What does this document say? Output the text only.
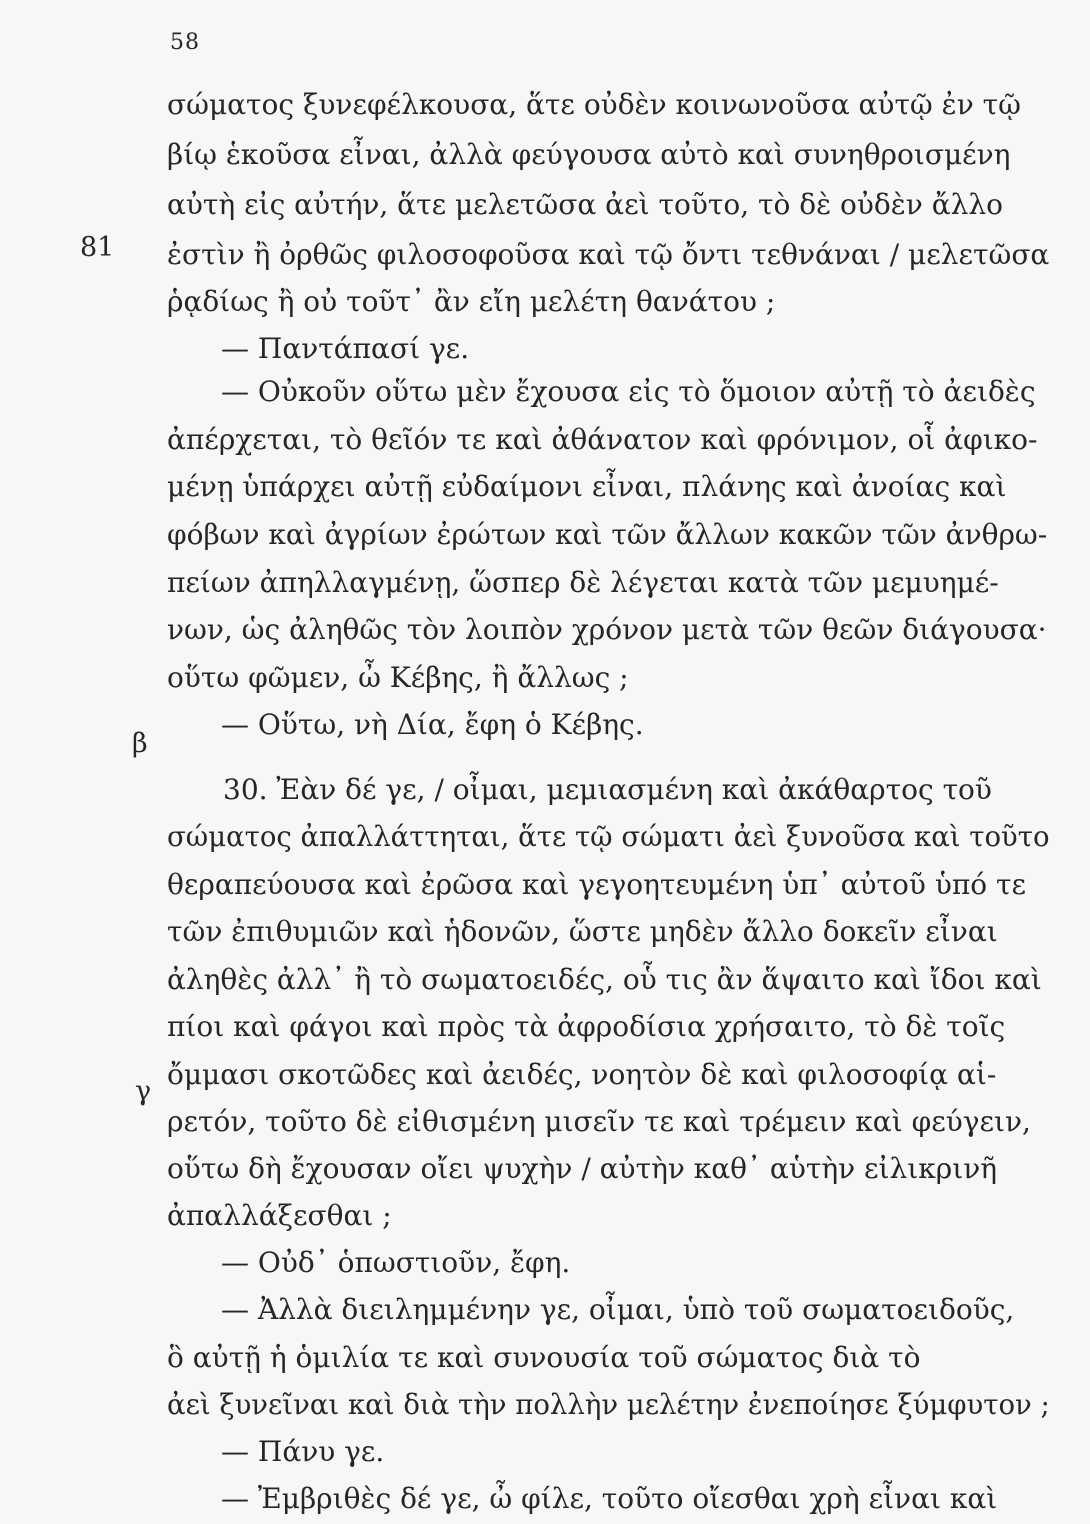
58
81
β
γ
σώματος ξυνεφέλκουσα, ἅτε οὐδὲν κοινωνοῦσα αὐτῷ ἐν τῷ
βίῳ ἑκοῦσα εἶναι, ἀλλὰ φεύγουσα αὐτὸ καὶ συνηθροισμένη
αὐτὴ εἰς αὐτήν, ἅτε μελετῶσα ἀεὶ τοῦτο, τὸ δὲ οὐδὲν ἄλλο
ἐστὶν ἢ ὀρθῶς φιλοσοφοῦσα καὶ τῷ ὄντι τεθνάναι / μελετῶσα
ῥᾳδίως ἢ οὐ τοῦτ᾽ ἂν εἴη μελέτη θανάτου ;
— Παντάπασί γε.
— Οὐκοῦν οὕτω μὲν ἔχουσα εἰς τὸ ὅμοιον αὐτῇ τὸ ἀειδὲς
ἀπέρχεται, τὸ θεῖόν τε καὶ ἀθάνατον καὶ φρόνιμον, οἷ ἀφικο-
μένῃ ὑπάρχει αὐτῇ εὐδαίμονι εἶναι, πλάνης καὶ ἀνοίας καὶ
φόβων καὶ ἀγρίων ἐρώτων καὶ τῶν ἄλλων κακῶν τῶν ἀνθρω-
πείων ἀπηλλαγμένῃ, ὥσπερ δὲ λέγεται κατὰ τῶν μεμυημέ-
νων, ὡς ἀληθῶς τὸν λοιπὸν χρόνον μετὰ τῶν θεῶν διάγουσα·
οὕτω φῶμεν, ὦ Κέβης, ἢ ἄλλως ;
— Οὕτω, νὴ Δία, ἔφη ὁ Κέβης.
30. Ἐὰν δέ γε, / οἶμαι, μεμιασμένη καὶ ἀκάθαρτος τοῦ
σώματος ἀπαλλάττηται, ἅτε τῷ σώματι ἀεὶ ξυνοῦσα καὶ τοῦτο
θεραπεύουσα καὶ ἐρῶσα καὶ γεγοητευμένη ὑπ᾽ αὐτοῦ ὑπό τε
τῶν ἐπιθυμιῶν καὶ ἡδονῶν, ὥστε μηδὲν ἄλλο δοκεῖν εἶναι
ἀληθὲς ἀλλ᾽ ἢ τὸ σωματοειδές, οὗ τις ἂν ἅψαιτο καὶ ἴδοι καὶ
πίοι καὶ φάγοι καὶ πρὸς τὰ ἀφροδίσια χρήσαιτο, τὸ δὲ τοῖς
ὄμμασι σκοτῶδες καὶ ἀειδές, νοητὸν δὲ καὶ φιλοσοφίᾳ αἱ-
ρετόν, τοῦτο δὲ εἰθισμένη μισεῖν τε καὶ τρέμειν καὶ φεύγειν,
οὕτω δὴ ἔχουσαν οἴει ψυχὴν / αὐτὴν καθ᾽ αὑτὴν εἰλικρινῆ
ἀπαλλάξεσθαι ;
— Οὐδ᾽ ὁπωστιοῦν, ἔφη.
— Ἀλλὰ διειλημμένην γε, οἶμαι, ὑπὸ τοῦ σωματοειδοῦς,
ὃ αὐτῇ ἡ ὁμιλία τε καὶ συνουσία τοῦ σώματος διὰ τὸ
ἀεὶ ξυνεῖναι καὶ διὰ τὴν πολλὴν μελέτην ἐνεποίησε ξύμφυτον ;
— Πάνυ γε.
— Ἐμβριθὲς δέ γε, ὦ φίλε, τοῦτο οἴεσθαι χρὴ εἶναι καὶ
